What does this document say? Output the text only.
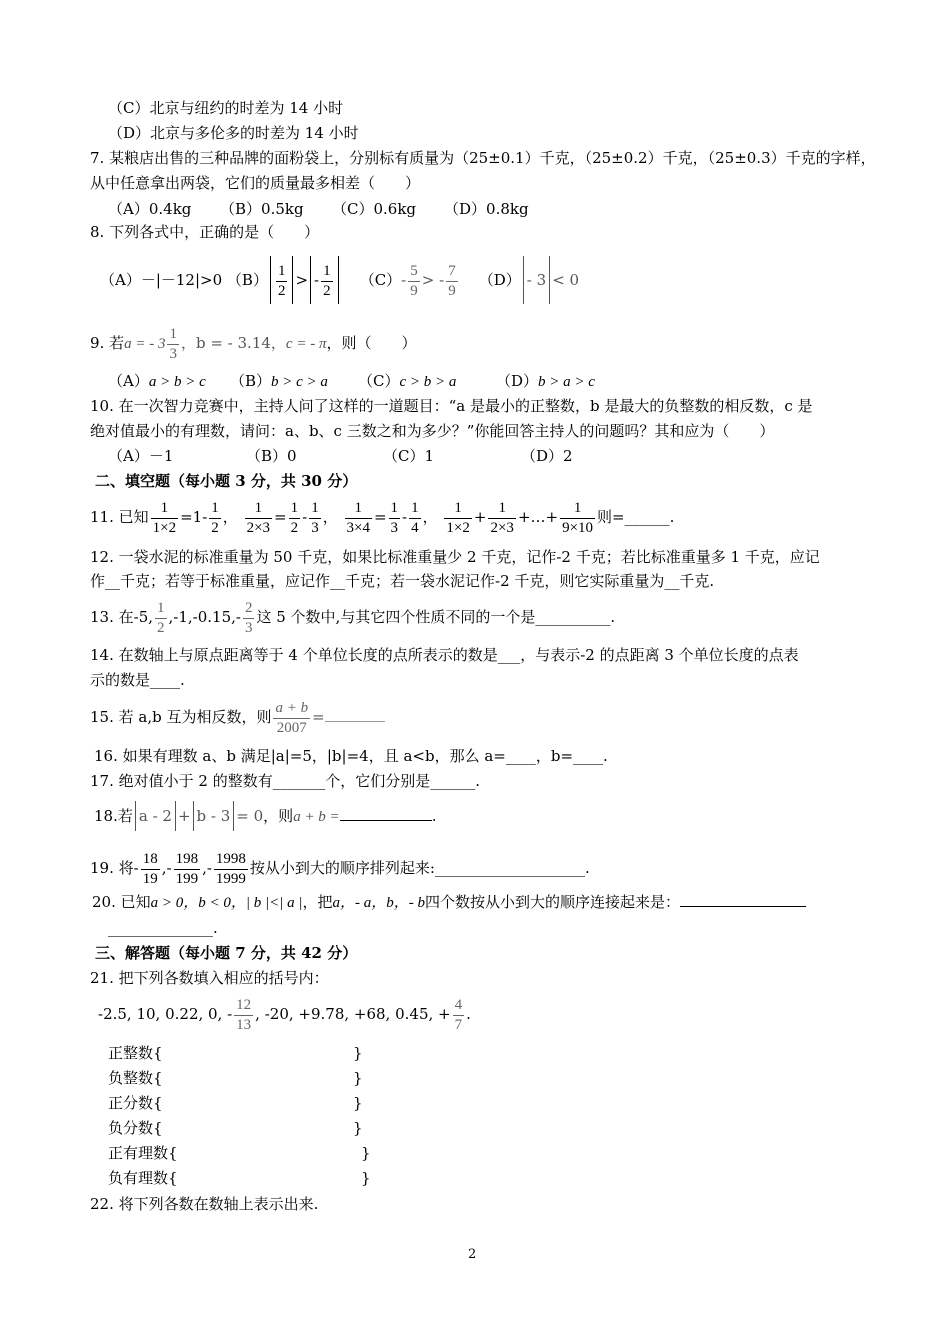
（C）北京与纽约的时差为 14 小时
（D）北京与多伦多的时差为 14 小时
7. 某粮店出售的三种品牌的面粉袋上，分别标有质量为（25±0.1）千克，（25±0.2）千克，（25±0.3）千克的字样，
从中任意拿出两袋，它们的质量最多相差（　　）
（A）0.4kg （B）0.5kg （C）0.6kg （D）0.8kg
8. 下列各式中，正确的是（　　）
（A）－|－12|>0 $(B) \frac{1}{2}$ > - $\frac{1}{2} (C)- \frac{5}{9}$ > - $\frac{7}{9} (D) - 3 < 0$
9. 若a = - $3 \frac{1}{3}$ ，b = - 3.14，c = - π，则（　　）
（A）a > b > c （B）b > c > a （C）c > b > a	（D）b > a > c
10. 在一次智力竞赛中，主持人问了这样的一道题目：“a 是最小的正整数，b 是最大的负整数的相反数，c 是
绝对值最小的有理数，请问：a、b、c 三数之和为多少？”你能回答主持人的问题吗？其和应为（　　）
（A）－1	（B）0	（C）1	（D）2
二、填空题（每小题 3 分，共 30 分）
11. 已知 $\frac{1}{1\times 2} =1- \frac{1}{2}$ ， $\frac{1}{2\times 3} = \frac{1}{2} - \frac{1}{3}$ ， $\frac{1}{3\times 4} = \frac{1}{3} - \frac{1}{4}$ ， $\frac{1}{1\times 2} + \frac{1}{2\times 3}$ +…+ $\frac{1}{9\times 10}$ 则=______.
12. 一袋水泥的标准重量为 50 千克，如果比标准重量少 2 千克，记作-2 千克；若比标准重量多 1 千克，应记
作__千克；若等于标准重量，应记作__千克；若一袋水泥记作-2 千克，则它实际重量为__千克.
13. 在-5, $\frac{1}{2} ,-1,-0.15,- \frac{2}{3}$ 这 5 个数中,与其它四个性质不同的一个是__________.
14. 在数轴上与原点距离等于 4 个单位长度的点所表示的数是___，与表示-2 的点距离 3 个单位长度的点表
示的数是____.
15. 若 a,b 互为相反数，则 $\frac{a + b}{2007}$ =
16. 如果有理数 a、b 满足|a|=5，|b|=4，且 a<b，那么 a=____，b=____.
17. 绝对值小于 2 的整数有_______个，它们分别是______.
18.若 a - 2 + b - 3 = 0，则a + b =	.
19. 将- $\frac{18}{19}$ ,- $\frac{198}{199}$ ,- $\frac{1998}{1999}$ 按从小到大的顺序排列起来:____________________.
20. 已知a > 0，b < 0，| b |<| a |，把a，- a，b，- b四个数按从小到大的顺序连接起来是：
______________.
三、解答题（每小题 7 分，共 42 分）
21. 把下列各数填入相应的括号内：
-2.5, 10, 0.22, 0, - $\frac{12}{13}$ , -20, +9.78, +68, 0.45, + $\frac{4}{7}$ .
正整数{	}
负整数{	}
正分数{	}
负分数{	}
正有理数{	}
负有理数{	}
22. 将下列各数在数轴上表示出来.
2
